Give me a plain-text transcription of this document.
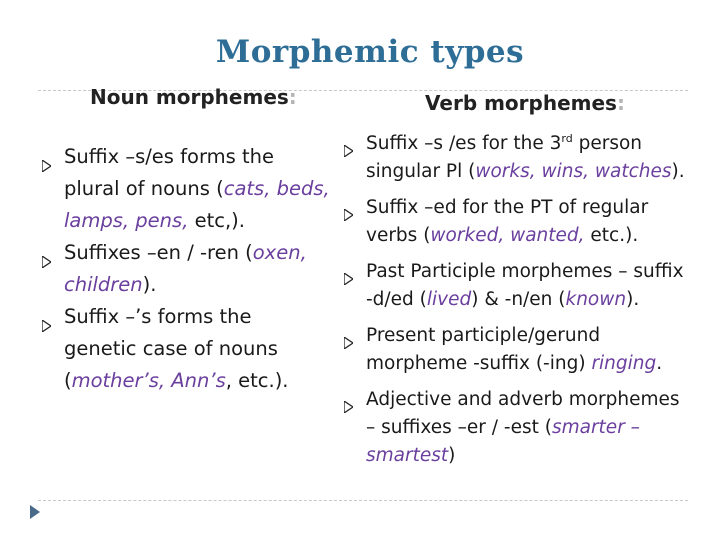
Morphemic types
Noun morphemes:	Verb morphemes:
Suffix –s/es forms the plural of nouns (cats, beds, lamps, pens, etc,).
Suffixes –en / -ren (oxen, children).
Suffix –’s forms the genetic case of nouns (mother’s, Ann’s, etc.).
Suffix –s /es for the 3rd person singular Pl (works, wins, watches).
Suffix –ed for the PT of regular verbs (worked, wanted, etc.).
Past Participle morphemes – suffix -d/ed (lived) & -n/en (known).
Present participle/gerund morpheme -suffix (-ing) ringing.
Adjective and adverb morphemes – suffixes –er / -est (smarter – smartest)
